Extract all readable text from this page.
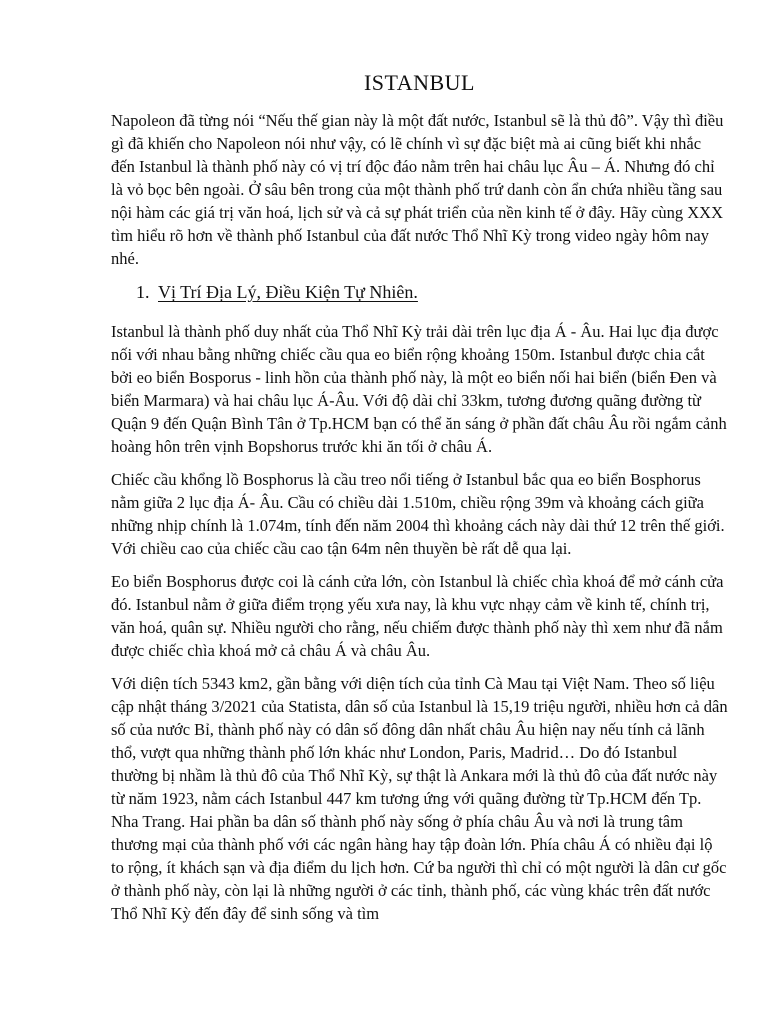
ISTANBUL

Napoleon đã từng nói “Nếu thế gian này là một đất nước, Istanbul sẽ là thủ đô”. Vậy thì điều gì đã khiến cho Napoleon nói như vậy, có lẽ chính vì sự đặc biệt mà ai cũng biết khi nhắc đến Istanbul là thành phố này có vị trí độc đáo nằm trên hai châu lục Âu – Á. Nhưng đó chỉ là vỏ bọc bên ngoài. Ở sâu bên trong của một thành phố trứ danh còn ẩn chứa nhiều tầng sau nội hàm các giá trị văn hoá, lịch sử và cả sự phát triển của nền kinh tế ở đây. Hãy cùng XXX tìm hiểu rõ hơn về thành phố Istanbul của đất nước Thổ Nhĩ Kỳ trong video ngày hôm nay nhé.

1. Vị Trí Địa Lý, Điều Kiện Tự Nhiên.

Istanbul là thành phố duy nhất của Thổ Nhĩ Kỳ trải dài trên lục địa Á - Âu. Hai lục địa được nối với nhau bằng những chiếc cầu qua eo biển rộng khoảng 150m. Istanbul được chia cắt bởi eo biển Bosporus - linh hồn của thành phố này, là một eo biển nối hai biển (biển Đen và biển Marmara) và hai châu lục Á-Âu. Với độ dài chỉ 33km, tương đương quãng đường từ Quận 9 đến Quận Bình Tân ở Tp.HCM bạn có thể ăn sáng ở phần đất châu Âu rồi ngắm cảnh hoàng hôn trên vịnh Bopshorus trước khi ăn tối ở châu Á.

Chiếc cầu khổng lồ Bosphorus là cầu treo nổi tiếng ở Istanbul bắc qua eo biển Bosphorus nằm giữa 2 lục địa Á- Âu. Cầu có chiều dài 1.510m, chiều rộng 39m và khoảng cách giữa những nhịp chính là 1.074m, tính đến năm 2004 thì khoảng cách này dài thứ 12 trên thế giới. Với chiều cao của chiếc cầu cao tận 64m nên thuyền bè rất dễ qua lại.

Eo biển Bosphorus được coi là cánh cửa lớn, còn Istanbul là chiếc chìa khoá để mở cánh cửa đó. Istanbul nằm ở giữa điểm trọng yếu xưa nay, là khu vực nhạy cảm về kinh tế, chính trị, văn hoá, quân sự. Nhiều người cho rằng, nếu chiếm được thành phố này thì xem như đã nắm được chiếc chìa khoá mở cả châu Á và châu Âu.

Với diện tích 5343 km2, gần bằng với diện tích của tỉnh Cà Mau tại Việt Nam. Theo số liệu cập nhật tháng 3/2021 của Statista, dân số của Istanbul là 15,19 triệu người, nhiều hơn cả dân số của nước Bỉ, thành phố này có dân số đông dân nhất châu Âu hiện nay nếu tính cả lãnh thổ, vượt qua những thành phố lớn khác như London, Paris, Madrid… Do đó Istanbul thường bị nhầm là thủ đô của Thổ Nhĩ Kỳ, sự thật là Ankara mới là thủ đô của đất nước này từ năm 1923, nằm cách Istanbul 447 km tương ứng với quãng đường từ Tp.HCM đến Tp. Nha Trang. Hai phần ba dân số thành phố này sống ở phía châu Âu và nơi là trung tâm thương mại của thành phố với các ngân hàng hay tập đoàn lớn. Phía châu Á có nhiều đại lộ to rộng, ít khách sạn và địa điểm du lịch hơn. Cứ ba người thì chỉ có một người là dân cư gốc ở thành phố này, còn lại là những người ở các tỉnh, thành phố, các vùng khác trên đất nước Thổ Nhĩ Kỳ đến đây để sinh sống và tìm
